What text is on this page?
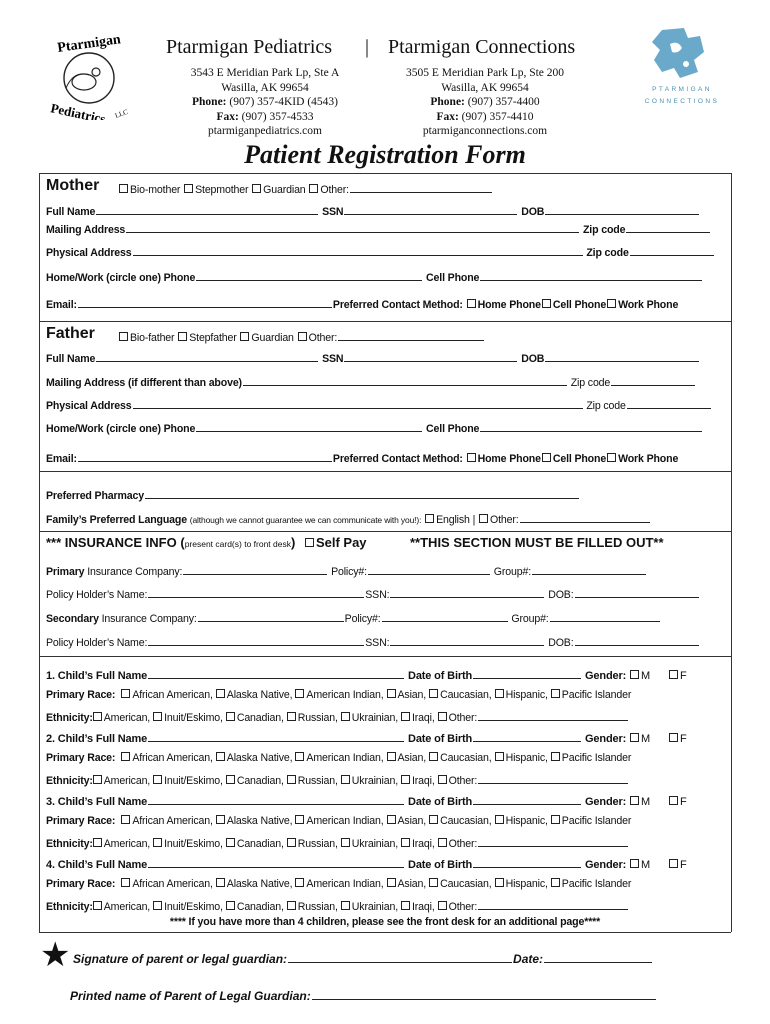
Ptarmigan
Pediatrics LLC
Ptarmigan Pediatrics | Ptarmigan Connections
3543 E Meridian Park Lp, Ste A
Wasilla, AK 99654
Phone: (907) 357-4KID (4543)
Fax: (907) 357-4533
ptarmiganpediatrics.com
3505 E Meridian Park Lp, Ste 200
Wasilla, AK 99654
Phone: (907) 357-4400
Fax: (907) 357-4410
ptarmiganconnections.com
PTARMIGAN
CONNECTIONS
Patient Registration Form
Mother	Bio-mother Stepmother Guardian Other:
Full Name	SSN	DOB
Mailing Address	Zip code
Physical Address	Zip code
Home/Work (circle one) Phone	Cell Phone
Email:	Preferred Contact Method: Home Phone Cell Phone Work Phone
Father	Bio-father Stepfather Guardian Other:
Full Name	SSN	DOB
Mailing Address (if different than above)	Zip code
Physical Address	Zip code
Home/Work (circle one) Phone	Cell Phone
Email:	Preferred Contact Method: Home Phone Cell Phone Work Phone
Preferred Pharmacy
Family’s Preferred Language (although we cannot guarantee we can communicate with you!): English | Other:
*** INSURANCE INFO (present card(s) to front desk) Self Pay	**THIS SECTION MUST BE FILLED OUT**
Primary Insurance Company:	Policy#:	Group#:
Policy Holder’s Name:	SSN:	DOB:
Secondary Insurance Company:	Policy#:	Group#:
Policy Holder’s Name:	SSN:	DOB:
1. Child’s Full Name	Date of Birth	Gender: M	F
Primary Race: African American, Alaska Native, American Indian, Asian, Caucasian, Hispanic, Pacific Islander
Ethnicity: American, Inuit/Eskimo, Canadian, Russian, Ukrainian, Iraqi, Other:
2. Child’s Full Name	Date of Birth	Gender: M	F
Primary Race: African American, Alaska Native, American Indian, Asian, Caucasian, Hispanic, Pacific Islander
Ethnicity: American, Inuit/Eskimo, Canadian, Russian, Ukrainian, Iraqi, Other:
3. Child’s Full Name	Date of Birth	Gender: M	F
Primary Race: African American, Alaska Native, American Indian, Asian, Caucasian, Hispanic, Pacific Islander
Ethnicity: American, Inuit/Eskimo, Canadian, Russian, Ukrainian, Iraqi, Other:
4. Child’s Full Name	Date of Birth	Gender: M	F
Primary Race: African American, Alaska Native, American Indian, Asian, Caucasian, Hispanic, Pacific Islander
Ethnicity: American, Inuit/Eskimo, Canadian, Russian, Ukrainian, Iraqi, Other:
**** If you have more than 4 children, please see the front desk for an additional page****
★ Signature of parent or legal guardian:	Date:
Printed name of Parent of Legal Guardian:
